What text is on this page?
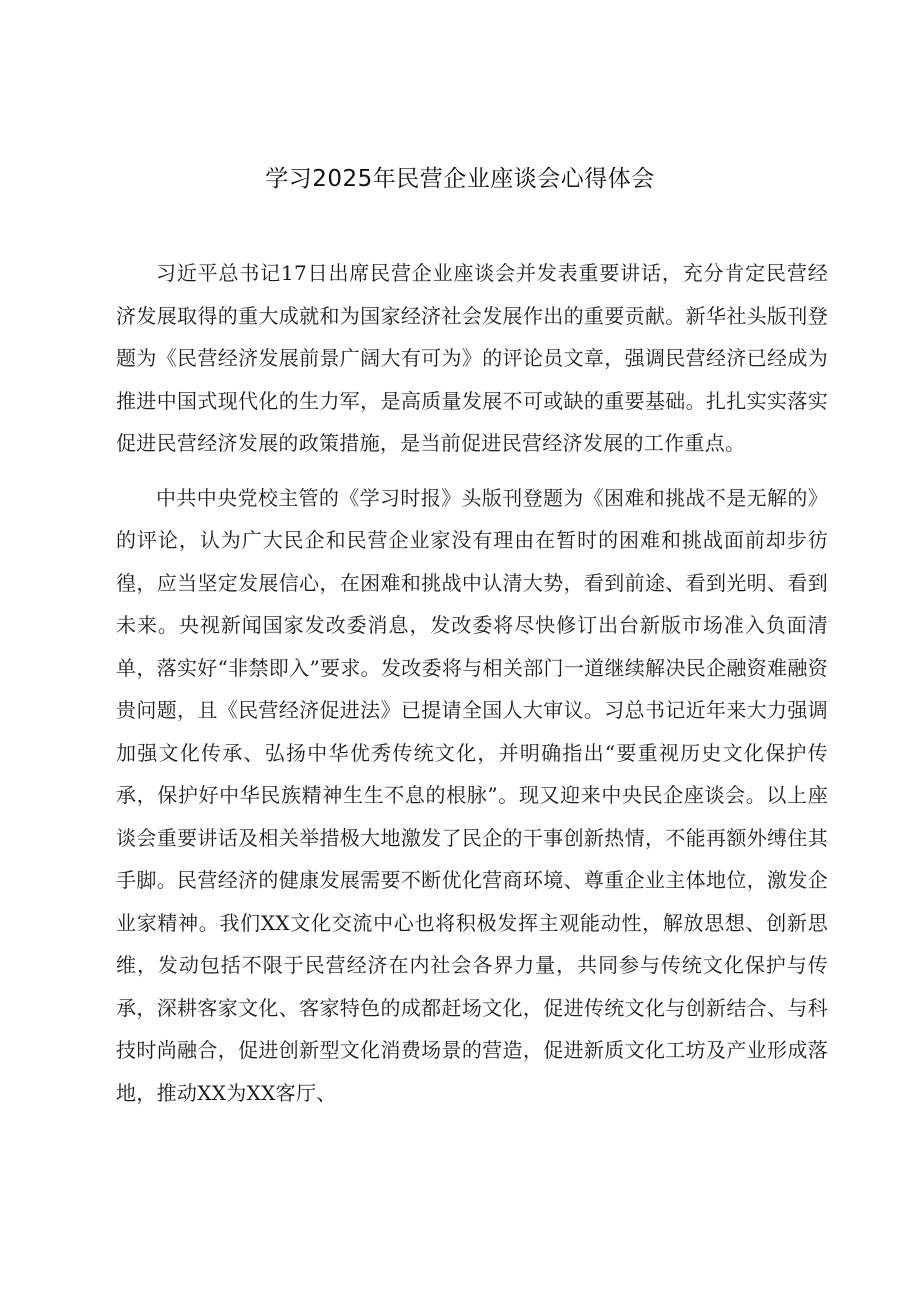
学习2025年民营企业座谈会心得体会

习近平总书记17日出席民营企业座谈会并发表重要讲话，充分肯定民营经济发展取得的重大成就和为国家经济社会发展作出的重要贡献。新华社头版刊登题为《民营经济发展前景广阔大有可为》的评论员文章，强调民营经济已经成为推进中国式现代化的生力军，是高质量发展不可或缺的重要基础。扎扎实实落实促进民营经济发展的政策措施，是当前促进民营经济发展的工作重点。

中共中央党校主管的《学习时报》头版刊登题为《困难和挑战不是无解的》的评论，认为广大民企和民营企业家没有理由在暂时的困难和挑战面前却步彷徨，应当坚定发展信心，在困难和挑战中认清大势，看到前途、看到光明、看到未来。央视新闻国家发改委消息，发改委将尽快修订出台新版市场准入负面清单，落实好“非禁即入”要求。发改委将与相关部门一道继续解决民企融资难融资贵问题，且《民营经济促进法》已提请全国人大审议。习总书记近年来大力强调加强文化传承、弘扬中华优秀传统文化，并明确指出“要重视历史文化保护传承，保护好中华民族精神生生不息的根脉”。现又迎来中央民企座谈会。以上座谈会重要讲话及相关举措极大地激发了民企的干事创新热情，不能再额外缚住其手脚。民营经济的健康发展需要不断优化营商环境、尊重企业主体地位，激发企业家精神。我们XX文化交流中心也将积极发挥主观能动性，解放思想、创新思维，发动包括不限于民营经济在内社会各界力量，共同参与传统文化保护与传承，深耕客家文化、客家特色的成都赶场文化，促进传统文化与创新结合、与科技时尚融合，促进创新型文化消费场景的营造，促进新质文化工坊及产业形成落地，推动XX为XX客厅、
